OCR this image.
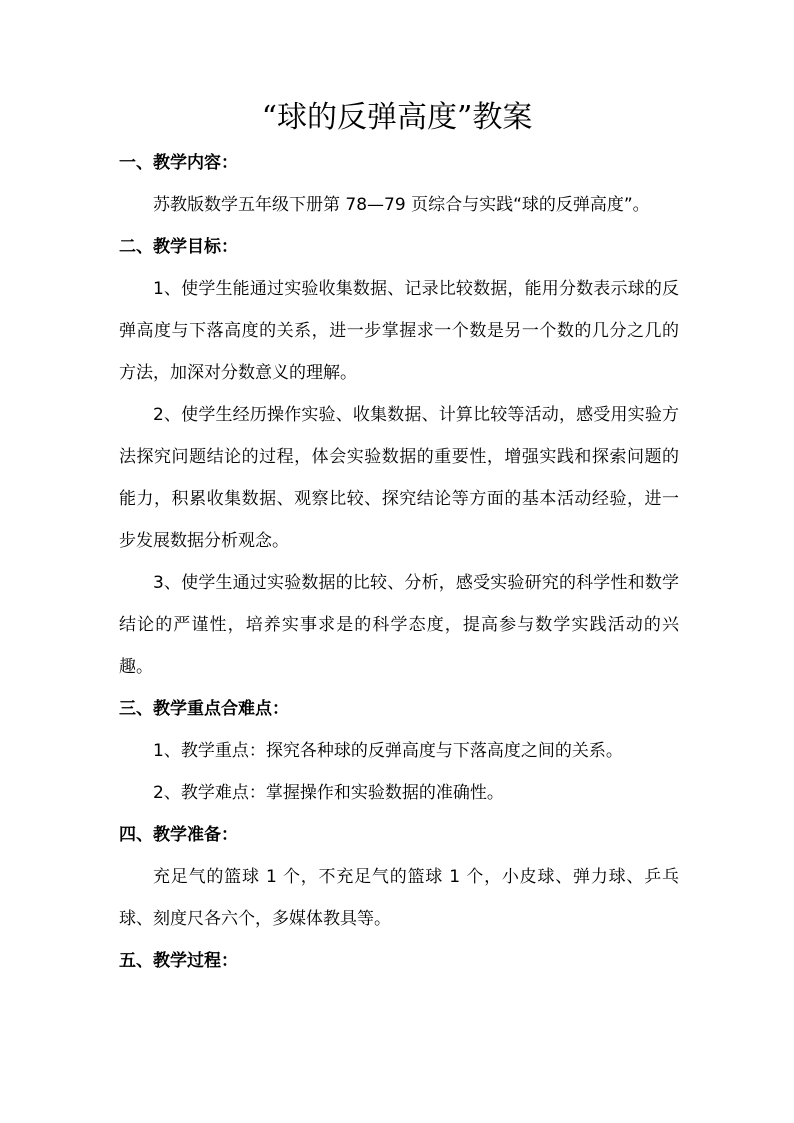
“球的反弹高度”教案

一、教学内容：

苏教版数学五年级下册第 78—79 页综合与实践“球的反弹高度”。

二、教学目标：

1、使学生能通过实验收集数据、记录比较数据，能用分数表示球的反弹高度与下落高度的关系，进一步掌握求一个数是另一个数的几分之几的方法，加深对分数意义的理解。

2、使学生经历操作实验、收集数据、计算比较等活动，感受用实验方法探究问题结论的过程，体会实验数据的重要性，增强实践和探索问题的能力，积累收集数据、观察比较、探究结论等方面的基本活动经验，进一步发展数据分析观念。

3、使学生通过实验数据的比较、分析，感受实验研究的科学性和数学结论的严谨性，培养实事求是的科学态度，提高参与数学实践活动的兴趣。

三、教学重点合难点：

1、教学重点：探究各种球的反弹高度与下落高度之间的关系。

2、教学难点：掌握操作和实验数据的准确性。

四、教学准备：

充足气的篮球 1 个，不充足气的篮球 1 个，小皮球、弹力球、乒乓球、刻度尺各六个，多媒体教具等。

五、教学过程：
